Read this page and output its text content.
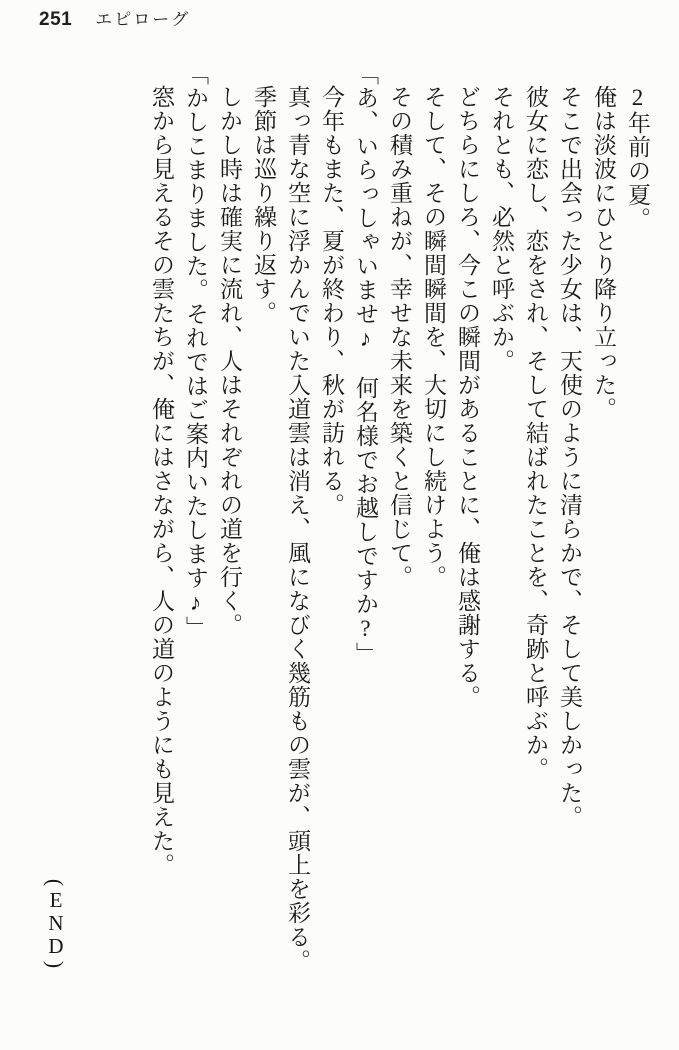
251 エピローグ

2年前の夏。

俺は淡波にひとり降り立った。

そこで出会った少女は、天使のように清らかで、そして美しかった。

彼女に恋し、恋をされ、そして結ばれたことを、奇跡と呼ぶか。

それとも、必然と呼ぶか。

どちらにしろ、今この瞬間があることに、俺は感謝する。

そして、その瞬間瞬間を、大切にし続けよう。

その積み重ねが、幸せな未来を築くと信じて。

「あ、いらっしゃいませ♪　何名様でお越しですか?」

今年もまた、夏が終わり、秋が訪れる。

真っ青な空に浮かんでいた入道雲は消え、風になびく幾筋もの雲が、頭上を彩る。

季節は巡り繰り返す。

しかし時は確実に流れ、人はそれぞれの道を行く。

「かしこまりました。それではご案内いたします♪」

窓から見えるその雲たちが、俺にはさながら、人の道のようにも見えた。

(
E
N
D
)
